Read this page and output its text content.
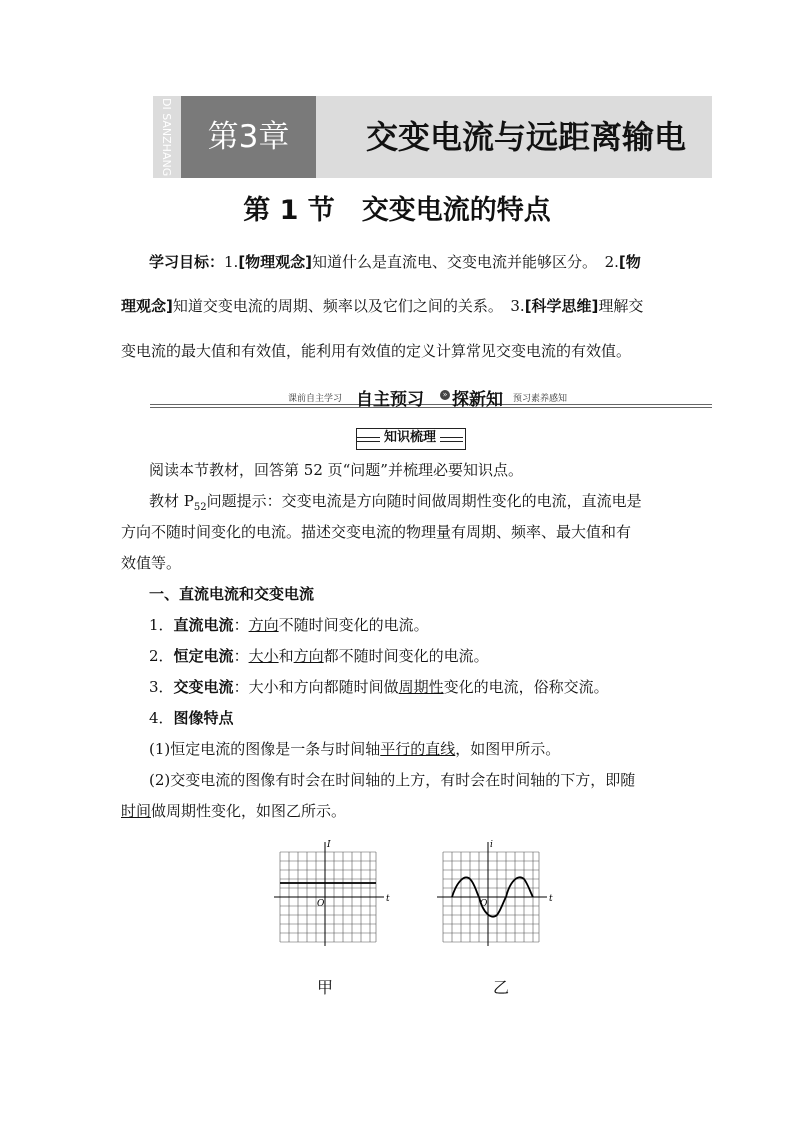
DI SANZHANG	第3章	交变电流与远距离输电
第 1 节　交变电流的特点
学习目标：1.[物理观念]知道什么是直流电、交变电流并能够区分。　 2.[物
理观念]知道交变电流的周期、频率以及它们之间的关系。　 3.[科学思维]理解交
变电流的最大值和有效值，能利用有效值的定义计算常见交变电流的有效值。
课前自主学习 自主预习	» 探新知 预习素养感知
知识梳理
阅读本节教材，回答第 52 页“问题”并梳理必要知识点。
教材 $P_{52}$问题提示：交变电流是方向随时间做周期性变化的电流，直流电是
方向不随时间变化的电流。描述交变电流的物理量有周期、频率、最大值和有
效值等。
一、直流电流和交变电流
1．直流电流：方向不随时间变化的电流。
2．恒定电流：大小和方向都不随时间变化的电流。
3．交变电流：大小和方向都随时间做周期性变化的电流，俗称交流。
4．图像特点
(1)恒定电流的图像是一条与时间轴平行的直线，如图甲所示。
(2)交变电流的图像有时会在时间轴的上方，有时会在时间轴的下方，即随
时间做周期性变化，如图乙所示。
I
t
O
i
t
O
甲	乙
